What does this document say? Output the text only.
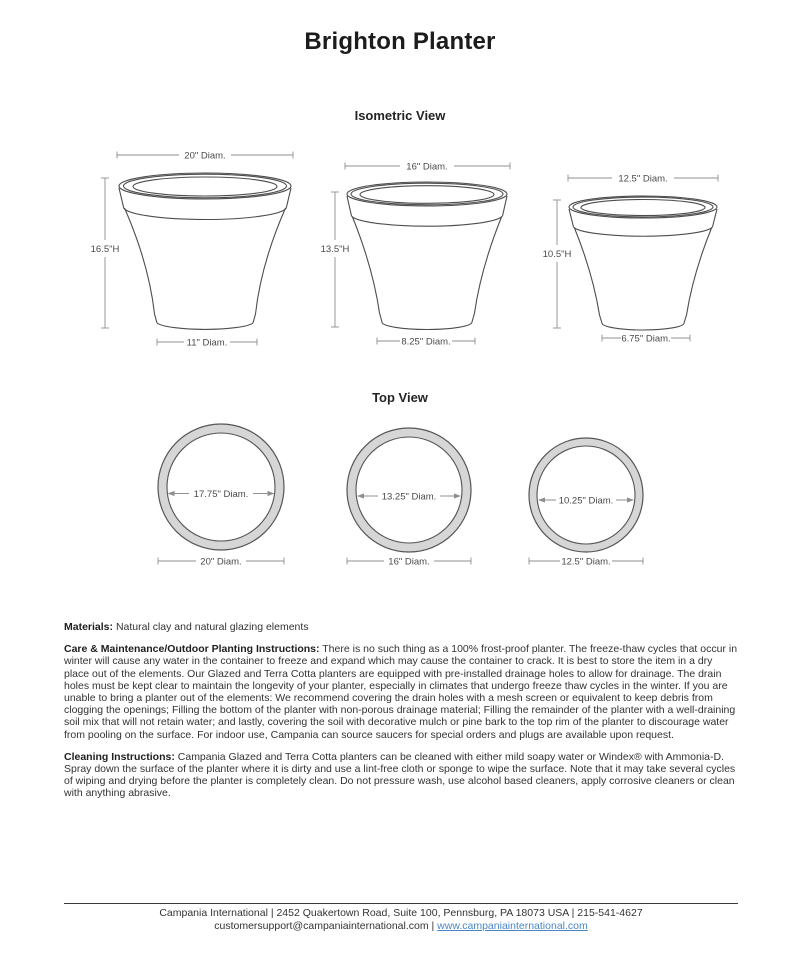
Brighton Planter
Isometric View
20" Diam.
16.5"H
11" Diam.
16" Diam.
13.5"H
8.25" Diam.
12.5" Diam.
10.5"H
6.75" Diam.
Top View
17.75" Diam.
20" Diam.
13.25" Diam.
16" Diam.
10.25" Diam.
12.5" Diam.

Materials: Natural clay and natural glazing elements

Care & Maintenance/Outdoor Planting Instructions: There is no such thing as a 100% frost-proof planter. The freeze-thaw cycles that occur in winter will cause any water in the container to freeze and expand which may cause the container to crack. It is best to store the item in a dry place out of the elements. Our Glazed and Terra Cotta planters are equipped with pre-installed drainage holes to allow for drainage. The drain holes must be kept clear to maintain the longevity of your planter, especially in climates that undergo freeze thaw cycles in the winter. If you are unable to bring a planter out of the elements: We recommend covering the drain holes with a mesh screen or equivalent to keep debris from clogging the openings; Filling the bottom of the planter with non-porous drainage material; Filling the remainder of the planter with a well-draining soil mix that will not retain water; and lastly, covering the soil with decorative mulch or pine bark to the top rim of the planter to discourage water from pooling on the surface. For indoor use, Campania can source saucers for special orders and plugs are available upon request.

Cleaning Instructions: Campania Glazed and Terra Cotta planters can be cleaned with either mild soapy water or Windex® with Ammonia-D. Spray down the surface of the planter where it is dirty and use a lint-free cloth or sponge to wipe the surface. Note that it may take several cycles of wiping and drying before the planter is completely clean. Do not pressure wash, use alcohol based cleaners, apply corrosive cleaners or clean with anything abrasive.

Campania International | 2452 Quakertown Road, Suite 100, Pennsburg, PA 18073 USA | 215-541-4627
customersupport@campaniainternational.com | www.campaniainternational.com
